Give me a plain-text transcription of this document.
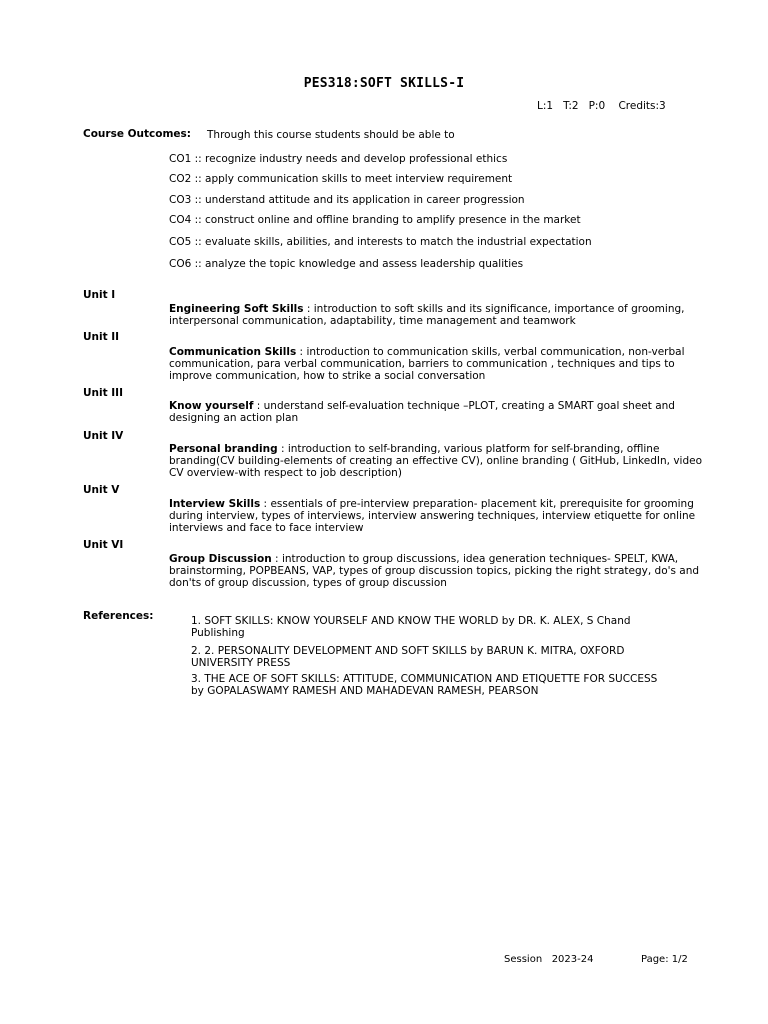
PES318:SOFT SKILLS-I
L:1   T:2   P:0    Credits:3
Course Outcomes: Through this course students should be able to
CO1 :: recognize industry needs and develop professional ethics
CO2 :: apply communication skills to meet interview requirement
CO3 :: understand attitude and its application in career progression
CO4 :: construct online and offline branding to amplify presence in the market
CO5 :: evaluate skills, abilities, and interests to match the industrial expectation
CO6 :: analyze the topic knowledge and assess leadership qualities
Unit I
Engineering Soft Skills : introduction to soft skills and its significance, importance of grooming, interpersonal communication, adaptability, time management and teamwork
Unit II
Communication Skills : introduction to communication skills, verbal communication, non-verbal communication, para verbal communication, barriers to communication , techniques and tips to improve communication, how to strike a social conversation
Unit III
Know yourself : understand self-evaluation technique –PLOT, creating a SMART goal sheet and designing an action plan
Unit IV
Personal branding : introduction to self-branding, various platform for self-branding, offline branding(CV building-elements of creating an effective CV), online branding ( GitHub, LinkedIn, video CV overview-with respect to job description)
Unit V
Interview Skills : essentials of pre-interview preparation- placement kit, prerequisite for grooming during interview, types of interviews, interview answering techniques, interview etiquette for online interviews and face to face interview
Unit VI
Group Discussion : introduction to group discussions, idea generation techniques- SPELT, KWA, brainstorming, POPBEANS, VAP, types of group discussion topics, picking the right strategy, do's and don'ts of group discussion, types of group discussion
References:	1. SOFT SKILLS: KNOW YOURSELF AND KNOW THE WORLD by DR. K. ALEX, S Chand Publishing
2. 2. PERSONALITY DEVELOPMENT AND SOFT SKILLS by BARUN K. MITRA, OXFORD UNIVERSITY PRESS
3. THE ACE OF SOFT SKILLS: ATTITUDE, COMMUNICATION AND ETIQUETTE FOR SUCCESS by GOPALASWAMY RAMESH AND MAHADEVAN RAMESH, PEARSON
Session   2023-24	Page: 1/2
